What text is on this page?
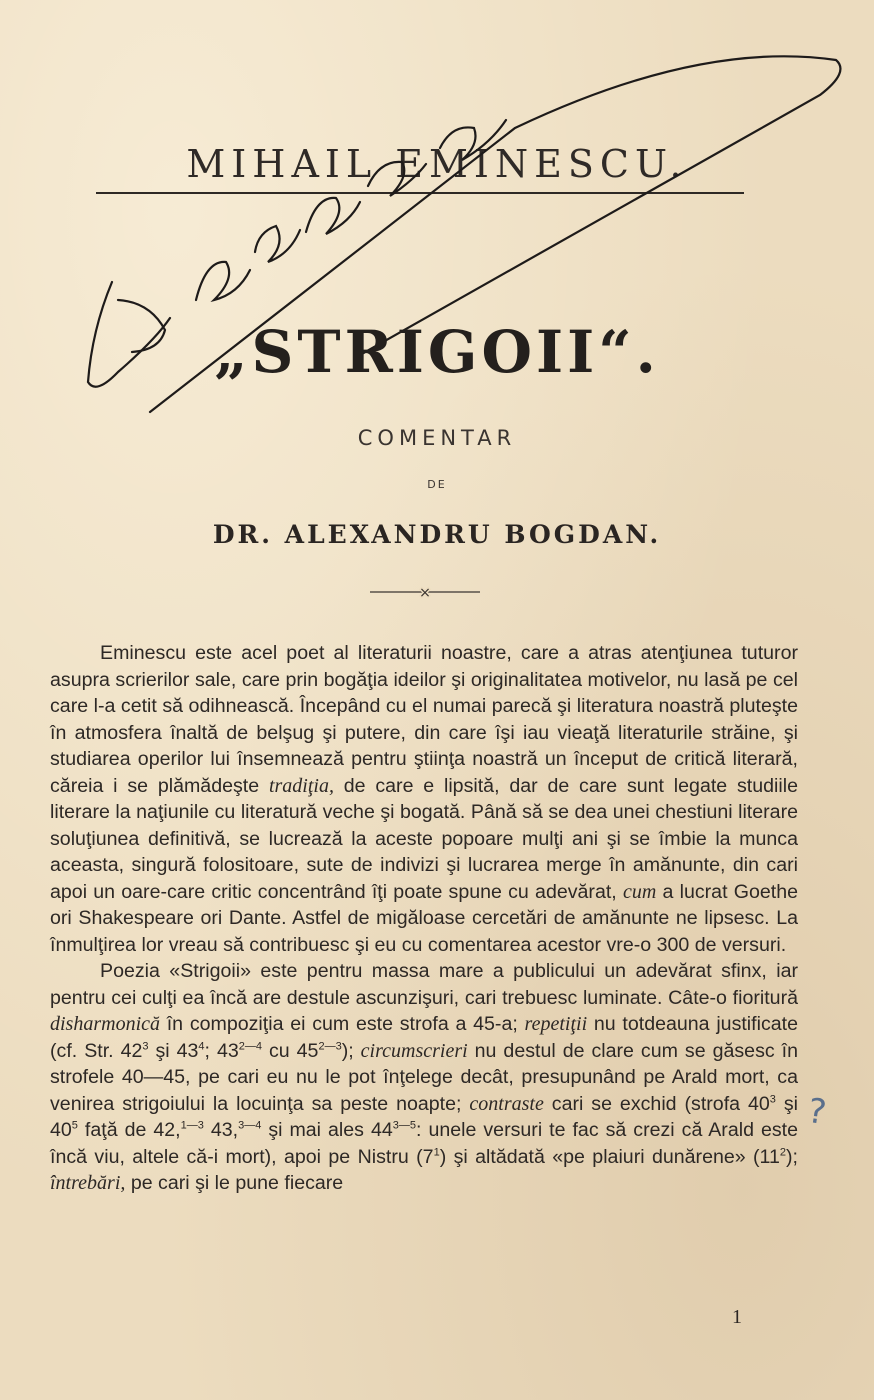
MIHAIL EMINESCU.
„STRIGOII“.
COMENTAR
DE
DR. ALEXANDRU BOGDAN.
×

Eminescu este acel poet al literaturii noastre, care a atras atenţiunea tuturor asupra scrierilor sale, care prin bogăţia ideilor şi originalitatea motivelor, nu lasă pe cel care l-a cetit să odihnească. Începând cu el numai parecă şi literatura noastră pluteşte în atmosfera înaltă de belşug şi putere, din care îşi iau vieaţă literaturile străine, şi studiarea operilor lui însemnează pentru ştiinţa noastră un început de critică literară, căreia i se plămădeşte tradiţia, de care e lipsită, dar de care sunt legate studiile literare la naţiunile cu literatură veche şi bogată. Până să se dea unei chestiuni literare soluţiunea definitivă, se lucrează la aceste popoare mulţi ani şi se îmbie la munca aceasta, singură folositoare, sute de indivizi şi lucrarea merge în amănunte, din cari apoi un oare-care critic concentrând îţi poate spune cu adevărat, cum a lucrat Goethe ori Shakespeare ori Dante. Astfel de migăloase cercetări de amănunte ne lipsesc. La înmulţirea lor vreau să contribuesc şi eu cu comentarea acestor vre-o 300 de versuri.

Poezia «Strigoii» este pentru massa mare a publicului un adevărat sfinx, iar pentru cei culţi ea încă are destule ascunzişuri, cari trebuesc luminate. Câte-o fioritură disharmonică în compoziţia ei cum este strofa a 45-a; repetiţii nu totdeauna justificate (cf. Str. $42^3$ şi $43^4$; $43^{2—4}$ cu $45^{2—3}$); circumscrieri nu destul de clare cum se găsesc în strofele 40—45, pe cari eu nu le pot înţelege decât, presupunând pe Arald mort, ca venirea strigoiului la locuinţa sa peste noapte; contraste cari se exchid (strofa $40^3$ şi $40^5$ faţă de 42,$^{1—3}$ 43,$^{3—4}$ şi mai ales $44^{3—5}$: unele versuri te fac să crezi că Arald este încă viu, altele că-i mort), apoi pe Nistru $(7^1)$ şi altădată «pe plaiuri dunărene» $(11^2)$; întrebări, pe cari şi le pune fiecare

1
?
